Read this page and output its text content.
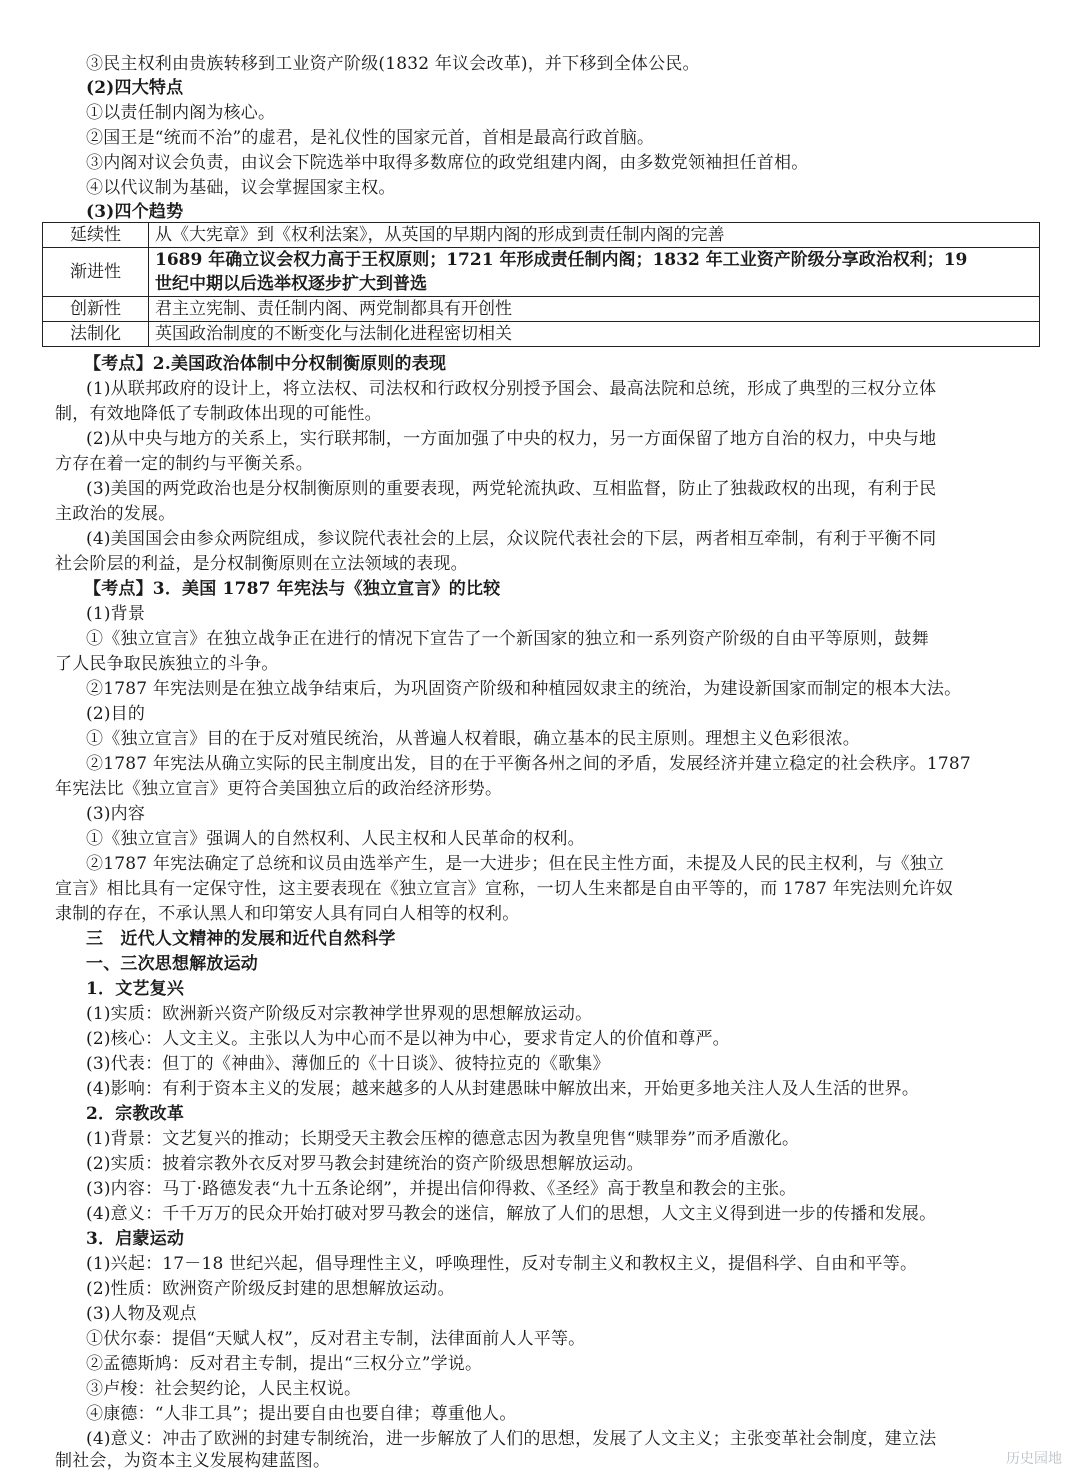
③民主权利由贵族转移到工业资产阶级(1832 年议会改革)，并下移到全体公民。
(2)四大特点
①以责任制内阁为核心。
②国王是“统而不治”的虚君，是礼仪性的国家元首，首相是最高行政首脑。
③内阁对议会负责，由议会下院选举中取得多数席位的政党组建内阁，由多数党领袖担任首相。
④以代议制为基础，议会掌握国家主权。
(3)四个趋势
延续性	从《大宪章》到《权利法案》，从英国的早期内阁的形成到责任制内阁的完善
渐进性	1689 年确立议会权力高于王权原则；1721 年形成责任制内阁；1832 年工业资产阶级分享政治权利；19
世纪中期以后选举权逐步扩大到普选
创新性	君主立宪制、责任制内阁、两党制都具有开创性
法制化	英国政治制度的不断变化与法制化进程密切相关
【考点】2.美国政治体制中分权制衡原则的表现
(1)从联邦政府的设计上，将立法权、司法权和行政权分别授予国会、最高法院和总统，形成了典型的三权分立体
制，有效地降低了专制政体出现的可能性。
(2)从中央与地方的关系上，实行联邦制，一方面加强了中央的权力，另一方面保留了地方自治的权力，中央与地
方存在着一定的制约与平衡关系。
(3)美国的两党政治也是分权制衡原则的重要表现，两党轮流执政、互相监督，防止了独裁政权的出现，有利于民
主政治的发展。
(4)美国国会由参众两院组成，参议院代表社会的上层，众议院代表社会的下层，两者相互牵制，有利于平衡不同
社会阶层的利益，是分权制衡原则在立法领域的表现。
【考点】3．美国 1787 年宪法与《独立宣言》的比较
(1)背景
①《独立宣言》在独立战争正在进行的情况下宣告了一个新国家的独立和一系列资产阶级的自由平等原则，鼓舞
了人民争取民族独立的斗争。
②1787 年宪法则是在独立战争结束后，为巩固资产阶级和种植园奴隶主的统治，为建设新国家而制定的根本大法。
(2)目的
①《独立宣言》目的在于反对殖民统治，从普遍人权着眼，确立基本的民主原则。理想主义色彩很浓。
②1787 年宪法从确立实际的民主制度出发，目的在于平衡各州之间的矛盾，发展经济并建立稳定的社会秩序。1787
年宪法比《独立宣言》更符合美国独立后的政治经济形势。
(3)内容
①《独立宣言》强调人的自然权利、人民主权和人民革命的权利。
②1787 年宪法确定了总统和议员由选举产生，是一大进步；但在民主性方面，未提及人民的民主权利，与《独立
宣言》相比具有一定保守性，这主要表现在《独立宣言》宣称，一切人生来都是自由平等的，而 1787 年宪法则允许奴
隶制的存在，不承认黑人和印第安人具有同白人相等的权利。
三　近代人文精神的发展和近代自然科学
一、三次思想解放运动
1．文艺复兴
(1)实质：欧洲新兴资产阶级反对宗教神学世界观的思想解放运动。
(2)核心：人文主义。主张以人为中心而不是以神为中心，要求肯定人的价值和尊严。
(3)代表：但丁的《神曲》、薄伽丘的《十日谈》、彼特拉克的《歌集》
(4)影响：有利于资本主义的发展；越来越多的人从封建愚昧中解放出来，开始更多地关注人及人生活的世界。
2．宗教改革
(1)背景：文艺复兴的推动；长期受天主教会压榨的德意志因为教皇兜售“赎罪券”而矛盾激化。
(2)实质：披着宗教外衣反对罗马教会封建统治的资产阶级思想解放运动。
(3)内容：马丁·路德发表“九十五条论纲”，并提出信仰得救、《圣经》高于教皇和教会的主张。
(4)意义：千千万万的民众开始打破对罗马教会的迷信，解放了人们的思想，人文主义得到进一步的传播和发展。
3．启蒙运动
(1)兴起：17－18 世纪兴起，倡导理性主义，呼唤理性，反对专制主义和教权主义，提倡科学、自由和平等。
(2)性质：欧洲资产阶级反封建的思想解放运动。
(3)人物及观点
①伏尔泰：提倡“天赋人权”，反对君主专制，法律面前人人平等。
②孟德斯鸠：反对君主专制，提出“三权分立”学说。
③卢梭：社会契约论，人民主权说。
④康德：“人非工具”；提出要自由也要自律；尊重他人。
(4)意义：冲击了欧洲的封建专制统治，进一步解放了人们的思想，发展了人文主义；主张变革社会制度，建立法
制社会，为资本主义发展构建蓝图。	历史园地
